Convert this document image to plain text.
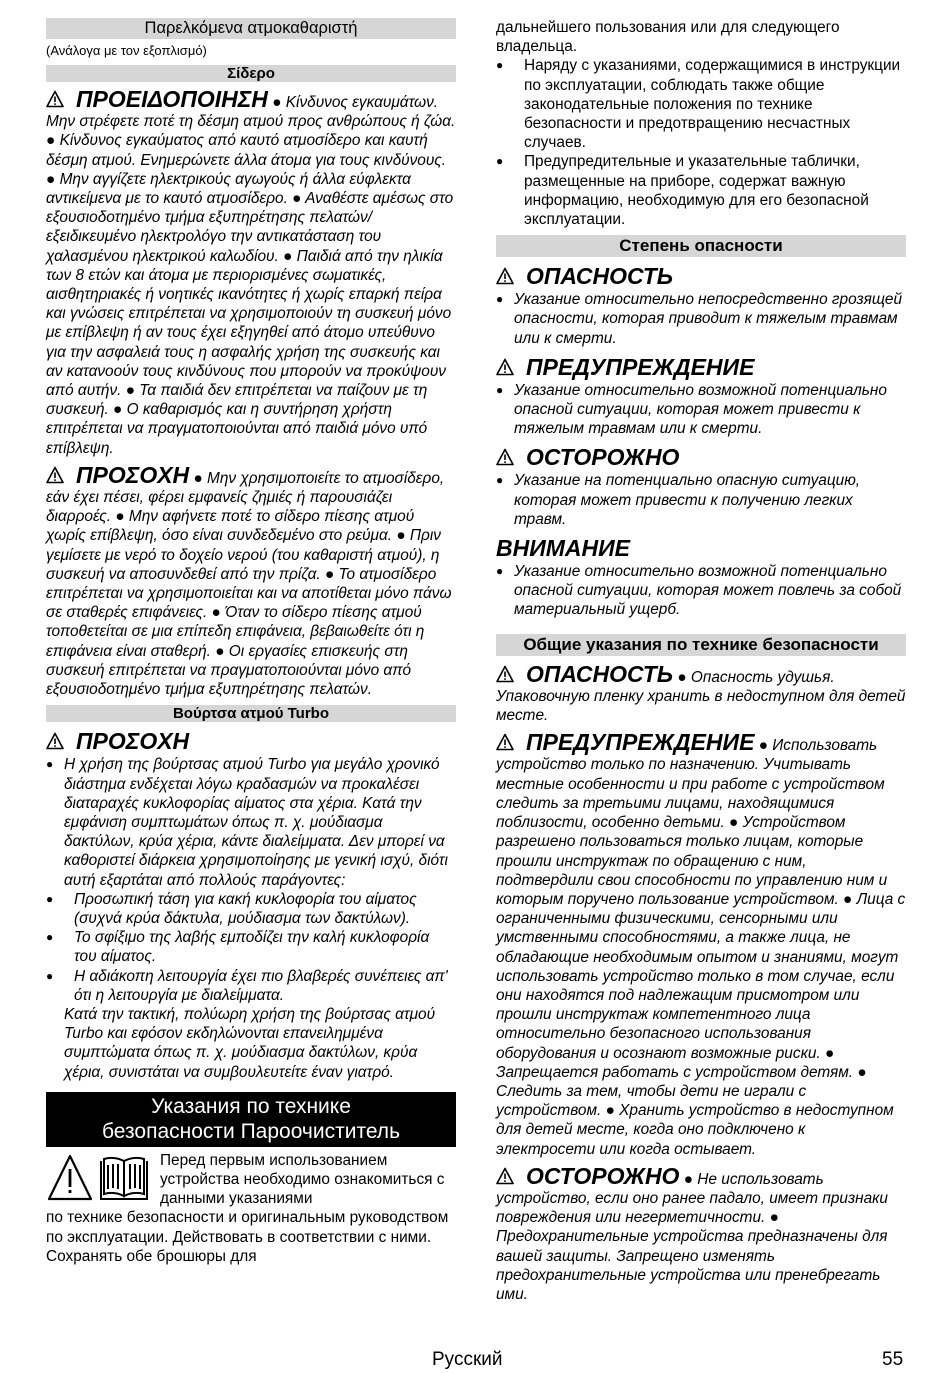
Παρελκόμενα ατμοκαθαριστή
(Ανάλογα με τον εξοπλισμό)
Σίδερο

ΠΡΟΕΙΔΟΠΟΙΗΣΗ ● Κίνδυνος εγκαυμάτων. Μην στρέφετε ποτέ τη δέσμη ατμού προς ανθρώπους ή ζώα. ● Κίνδυνος εγκαύματος από καυτό ατμοσίδερο και καυτή δέσμη ατμού. Ενημερώνετε άλλα άτομα για τους κινδύνους. ● Μην αγγίζετε ηλεκτρικούς αγωγούς ή άλλα εύφλεκτα αντικείμενα με το καυτό ατμοσίδερο. ● Αναθέστε αμέσως στο εξουσιοδοτημένο τμήμα εξυπηρέτησης πελατών/εξειδικευμένο ηλεκτρολόγο την αντικατάσταση του χαλασμένου ηλεκτρικού καλωδίου. ● Παιδιά από την ηλικία των 8 ετών και άτομα με περιορισμένες σωματικές, αισθητηριακές ή νοητικές ικανότητες ή χωρίς επαρκή πείρα και γνώσεις επιτρέπεται να χρησιμοποιούν τη συσκευή μόνο με επίβλεψη ή αν τους έχει εξηγηθεί από άτομο υπεύθυνο για την ασφαλειά τους η ασφαλής χρήση της συσκευής και αν κατανοούν τους κινδύνους που μπορούν να προκύψουν από αυτήν. ● Τα παιδιά δεν επιτρέπεται να παίζουν με τη συσκευή. ● Ο καθαρισμός και η συντήρηση χρήστη επιτρέπεται να πραγματοποιούνται από παιδιά μόνο υπό επίβλεψη.

ΠΡΟΣΟΧΗ ● Μην χρησιμοποιείτε το ατμοσίδερο, εάν έχει πέσει, φέρει εμφανείς ζημιές ή παρουσιάζει διαρροές. ● Μην αφήνετε ποτέ το σίδερο πίεσης ατμού χωρίς επίβλεψη, όσο είναι συνδεδεμένο στο ρεύμα. ● Πριν γεμίσετε με νερό το δοχείο νερού (του καθαριστή ατμού), η συσκευή να αποσυνδεθεί από την πρίζα. ● Το ατμοσίδερο επιτρέπεται να χρησιμοποιείται και να αποτίθεται μόνο πάνω σε σταθερές επιφάνειες. ● Όταν το σίδερο πίεσης ατμού τοποθετείται σε μια επίπεδη επιφάνεια, βεβαιωθείτε ότι η επιφάνεια είναι σταθερή. ● Οι εργασίες επισκευής στη συσκευή επιτρέπεται να πραγματοποιούνται μόνο από εξουσιοδοτημένο τμήμα εξυπηρέτησης πελατών.

Βούρτσα ατμού Turbo
ΠΡΟΣΟΧΗ
● Η χρήση της βούρτσας ατμού Turbo για μεγάλο χρονικό διάστημα ενδέχεται λόγω κραδασμών να προκαλέσει διαταραχές κυκλοφορίας αίματος στα χέρια. Κατά την εμφάνιση συμπτωμάτων όπως π. χ. μούδιασμα δακτύλων, κρύα χέρια, κάντε διαλείμματα. Δεν μπορεί να καθοριστεί διάρκεια χρησιμοποίησης με γενική ισχύ, διότι αυτή εξαρτάται από πολλούς παράγοντες:
● Προσωπική τάση για κακή κυκλοφορία του αίματος (συχνά κρύα δάκτυλα, μούδιασμα των δακτύλων).
● Το σφίξιμο της λαβής εμποδίζει την καλή κυκλοφορία του αίματος.
● Η αδιάκοπη λειτουργία έχει πιο βλαβερές συνέπειες απ' ότι η λειτουργία με διαλείμματα.

Κατά την τακτική, πολύωρη χρήση της βούρτσας ατμού Turbo και εφόσον εκδηλώνονται επανειλημμένα συμπτώματα όπως π. χ. μούδιασμα δακτύλων, κρύα χέρια, συνιστάται να συμβουλευτείτε έναν γιατρό.

Указания по технике
безопасности Пароочиститель

Перед первым использованием устройства необходимо ознакомиться с данными указаниями
по технике безопасности и оригинальным руководством по эксплуатации. Действовать в соответствии с ними. Сохранять обе брошюры для

дальнейшего пользования или для следующего владельца.

● Наряду с указаниями, содержащимися в инструкции по эксплуатации, соблюдать также общие законодательные положения по технике безопасности и предотвращению несчастных случаев.
● Предупредительные и указательные таблички, размещенные на приборе, содержат важную информацию, необходимую для его безопасной эксплуатации.
Степень опасности
ОПАСНОСТЬ
● Указание относительно непосредственно грозящей опасности, которая приводит к тяжелым травмам или к смерти.
ПРЕДУПРЕЖДЕНИЕ
● Указание относительно возможной потенциально опасной ситуации, которая может привести к тяжелым травмам или к смерти.
ОСТОРОЖНО
● Указание на потенциально опасную ситуацию, которая может привести к получению легких травм.
ВНИМАНИЕ
● Указание относительно возможной потенциально опасной ситуации, которая может повлечь за собой материальный ущерб.
Общие указания по технике безопасности

ОПАСНОСТЬ ● Опасность удушья. Упаковочную пленку хранить в недоступном для детей месте.

ПРЕДУПРЕЖДЕНИЕ ● Использовать устройство только по назначению. Учитывать местные особенности и при работе с устройством следить за третьими лицами, находящимися поблизости, особенно детьми. ● Устройством разрешено пользоваться только лицам, которые прошли инструктаж по обращению с ним, подтвердили свои способности по управлению ним и которым поручено пользование устройством. ● Лица с ограниченными физическими, сенсорными или умственными способностями, а также лица, не обладающие необходимым опытом и знаниями, могут использовать устройство только в том случае, если они находятся под надлежащим присмотром или прошли инструктаж компетентного лица относительно безопасного использования оборудования и осознают возможные риски. ● Запрещается работать с устройством детям. ● Следить за тем, чтобы дети не играли с устройством. ● Хранить устройство в недоступном для детей месте, когда оно подключено к электросети или когда остывает.

ОСТОРОЖНО ● Не использовать устройство, если оно ранее падало, имеет признаки повреждения или негерметичности. ● Предохранительные устройства предназначены для вашей защиты. Запрещено изменять предохранительные устройства или пренебрегать ими.

Русский	55
